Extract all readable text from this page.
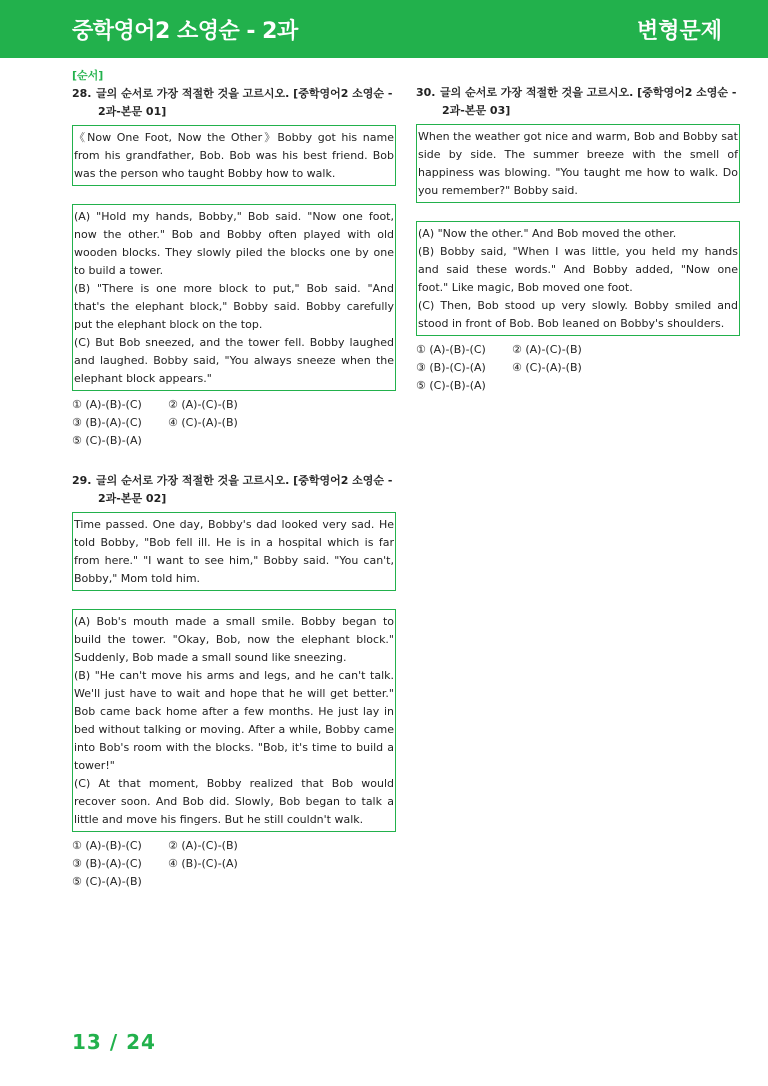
중학영어2 소영순 - 2과	변형문제
[순서]
28. 글의 순서로 가장 적절한 것을 고르시오. [중학영어2 소영순 -
2과-본문 01]

《Now One Foot, Now the Other》Bobby got his name from his grandfather, Bob. Bob was his best friend. Bob was the person who taught Bobby how to walk.

(A) "Hold my hands, Bobby," Bob said. "Now one foot, now the other." Bob and Bobby often played with old wooden blocks. They slowly piled the blocks one by one to build a tower.

(B) "There is one more block to put," Bob said. "And that's the elephant block," Bobby said. Bobby carefully put the elephant block on the top.

(C) But Bob sneezed, and the tower fell. Bobby laughed and laughed. Bobby said, "You always sneeze when the elephant block appears."

① (A)-(B)-(C)	② (A)-(C)-(B)
③ (B)-(A)-(C)	④ (C)-(A)-(B)
⑤ (C)-(B)-(A)
29. 글의 순서로 가장 적절한 것을 고르시오. [중학영어2 소영순 -
2과-본문 02]

Time passed. One day, Bobby's dad looked very sad. He told Bobby, "Bob fell ill. He is in a hospital which is far from here." "I want to see him," Bobby said. "You can't, Bobby," Mom told him.

(A) Bob's mouth made a small smile. Bobby began to build the tower. "Okay, Bob, now the elephant block." Suddenly, Bob made a small sound like sneezing.

(B) "He can't move his arms and legs, and he can't talk. We'll just have to wait and hope that he will get better." Bob came back home after a few months. He just lay in bed without talking or moving. After a while, Bobby came into Bob's room with the blocks. "Bob, it's time to build a tower!"

(C) At that moment, Bobby realized that Bob would recover soon. And Bob did. Slowly, Bob began to talk a little and move his fingers. But he still couldn't walk.

① (A)-(B)-(C)	② (A)-(C)-(B)
③ (B)-(A)-(C)	④ (B)-(C)-(A)
⑤ (C)-(A)-(B)
30. 글의 순서로 가장 적절한 것을 고르시오. [중학영어2 소영순 -
2과-본문 03]

When the weather got nice and warm, Bob and Bobby sat side by side. The summer breeze with the smell of happiness was blowing. "You taught me how to walk. Do you remember?" Bobby said.

(A) "Now the other." And Bob moved the other.

(B) Bobby said, "When I was little, you held my hands and said these words." And Bobby added, "Now one foot." Like magic, Bob moved one foot.

(C) Then, Bob stood up very slowly. Bobby smiled and stood in front of Bob. Bob leaned on Bobby's shoulders.

① (A)-(B)-(C)	② (A)-(C)-(B)
③ (B)-(C)-(A)	④ (C)-(A)-(B)
⑤ (C)-(B)-(A)
13 / 24
